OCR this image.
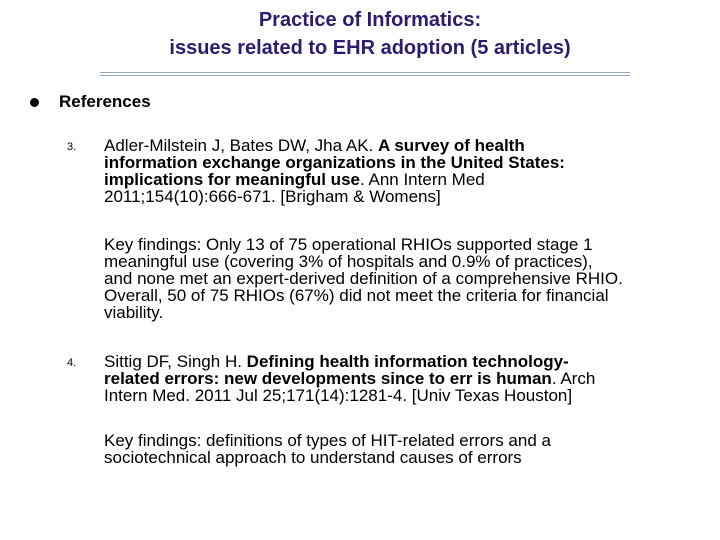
Practice of Informatics:
issues related to EHR adoption (5 articles)
References
3. Adler-Milstein J, Bates DW, Jha AK. A survey of health
information exchange organizations in the United States:
implications for meaningful use. Ann Intern Med
2011;154(10):666-671. [Brigham & Womens]
Key findings: Only 13 of 75 operational RHIOs supported stage 1
meaningful use (covering 3% of hospitals and 0.9% of practices),
and none met an expert-derived definition of a comprehensive RHIO.
Overall, 50 of 75 RHIOs (67%) did not meet the criteria for financial
viability.
4. Sittig DF, Singh H. Defining health information technology-
related errors: new developments since to err is human. Arch
Intern Med. 2011 Jul 25;171(14):1281-4. [Univ Texas Houston]
Key findings: definitions of types of HIT-related errors and a
sociotechnical approach to understand causes of errors
